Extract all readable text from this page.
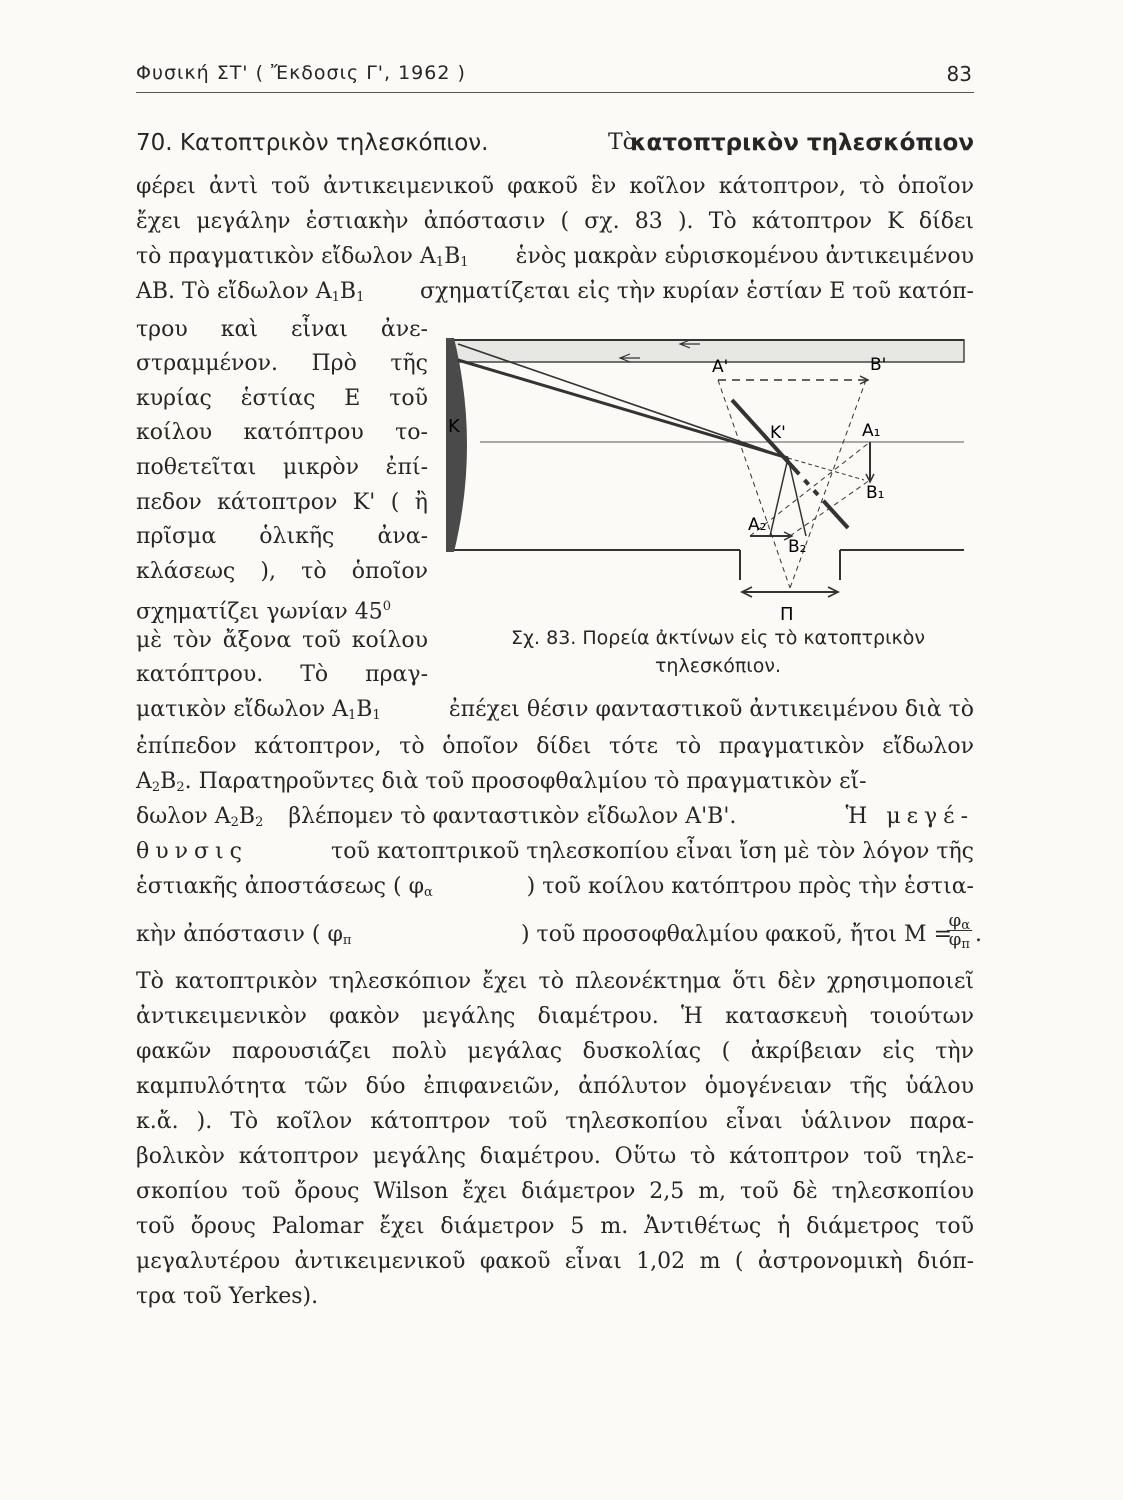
Φυσική ΣΤ' ( Ἔκδοσις Γ', 1962 )	83
70. Κατοπτρικὸν τηλεσκόπιον.	Τὸ
κατοπτρικὸν τηλεσκόπιον
φέρει ἀντὶ τοῦ ἀντικειμενικοῦ φακοῦ ἓν κοῖλον κάτοπτρον, τὸ ὁποῖον
ἔχει μεγάλην ἑστιακὴν ἀπόστασιν ( σχ. 83 ). Τὸ κάτοπτρον Κ δίδει
τὸ πραγματικὸν εἴδωλον $A_1B_1$ ἑνὸς μακρὰν εὑρισκομένου ἀντικειμένου
ΑΒ. Τὸ εἴδωλον $A_1B_1$	σχηματίζεται εἰς τὴν κυρίαν ἑστίαν Ε τοῦ κατόπ-
τρου καὶ εἶναι ἀνε-
στραμμένον. Πρὸ τῆς
κυρίας ἑστίας Ε τοῦ
κοίλου κατόπτρου το-
ποθετεῖται μικρὸν ἐπί-
πεδον κάτοπτρον Κ' ( ἢ
πρῖσμα ὁλικῆς ἀνα-
κλάσεως ), τὸ ὁποῖον
σχηματίζει γωνίαν $45^0$
μὲ τὸν ἄξονα τοῦ κοίλου
κατόπτρου. Τὸ πραγ-
Κ
Α'	Β'
Κ'	Α₁
Β₁
Α₂
Β₂
Π
Σχ. 83. Πορεία ἀκτίνων εἰς τὸ κατοπτρικὸν
τηλεσκόπιον.
ματικὸν εἴδωλον $A_1B_1$	ἐπέχει θέσιν φανταστικοῦ ἀντικειμένου διὰ τὸ
ἐπίπεδον κάτοπτρον, τὸ ὁποῖον δίδει τότε τὸ πραγματικὸν εἴδωλον
$A_2B_2$. Παρατηροῦντες διὰ τοῦ προσοφθαλμίου τὸ πραγματικὸν εἴ-
δωλον $A_2B_2$ βλέπομεν τὸ φανταστικὸν εἴδωλον Α'Β'.	Ἡ μεγέ-
θυνσις	τοῦ κατοπτρικοῦ τηλεσκοπίου εἶναι ἴση μὲ τὸν λόγον τῆς
ἑστιακῆς ἀποστάσεως ( $\varphi_\alpha$	) τοῦ κοίλου κατόπτρου πρὸς τὴν ἑστια-
κὴν ἀπόστασιν ( $\varphi_\pi$	) τοῦ προσοφθαλμίου φακοῦ, ἤτοι Μ =
$\frac{\varphi_\alpha}{\varphi_\pi}$ .
Τὸ κατοπτρικὸν τηλεσκόπιον ἔχει τὸ πλεονέκτημα ὅτι δὲν χρησιμοποιεῖ
ἀντικειμενικὸν φακὸν μεγάλης διαμέτρου. Ἡ κατασκευὴ τοιούτων
φακῶν παρουσιάζει πολὺ μεγάλας δυσκολίας ( ἀκρίβειαν εἰς τὴν
καμπυλότητα τῶν δύο ἐπιφανειῶν, ἀπόλυτον ὁμογένειαν τῆς ὑάλου
κ.ἄ. ). Τὸ κοῖλον κάτοπτρον τοῦ τηλεσκοπίου εἶναι ὑάλινον παρα-
βολικὸν κάτοπτρον μεγάλης διαμέτρου. Οὕτω τὸ κάτοπτρον τοῦ τηλε-
σκοπίου τοῦ ὄρους Wilson ἔχει διάμετρον 2,5 m, τοῦ δὲ τηλεσκοπίου
τοῦ ὄρους Palomar ἔχει διάμετρον 5 m. Ἀντιθέτως ἡ διάμετρος τοῦ
μεγαλυτέρου ἀντικειμενικοῦ φακοῦ εἶναι 1,02 m ( ἀστρονομικὴ διόπ-
τρα τοῦ Yerkes).
